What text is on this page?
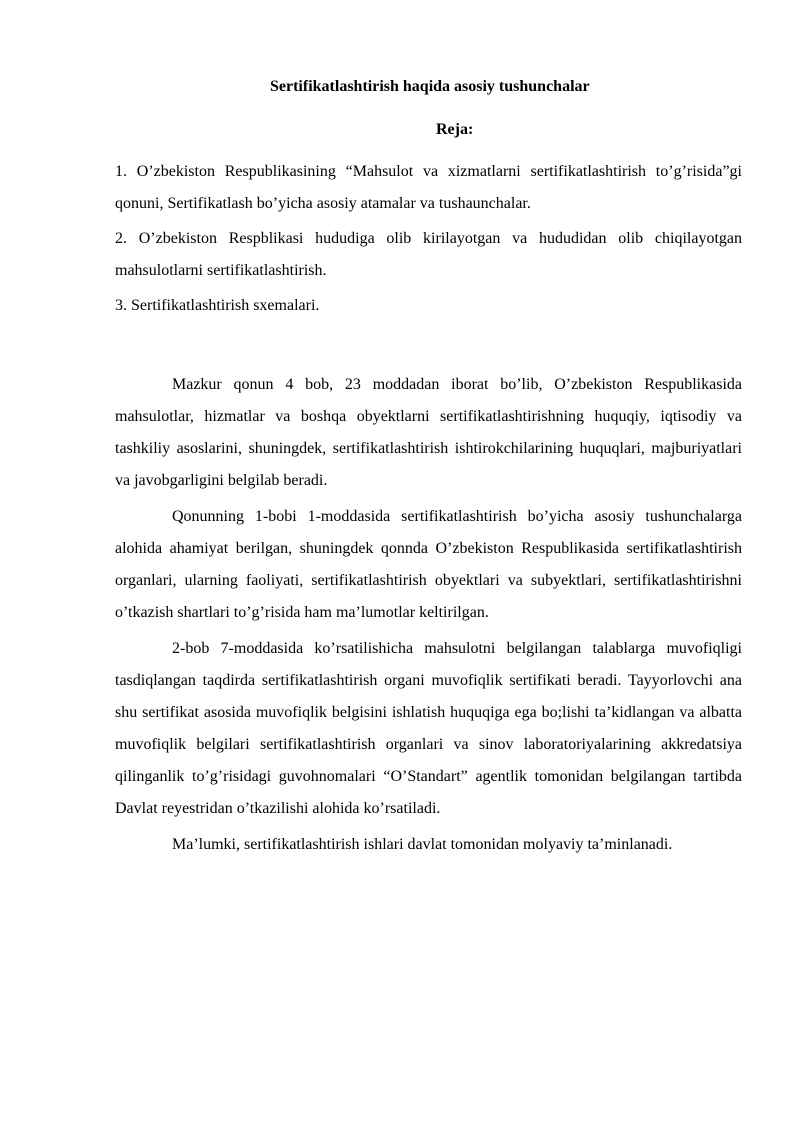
Sertifikatlashtirish haqida asosiy tushunchalar
Reja:

1. O’zbekiston Respublikasining “Mahsulot va xizmatlarni sertifikatlashtirish to’g’risida”gi qonuni, Sertifikatlash bo’yicha asosiy atamalar va tushaunchalar.

2. O’zbekiston Respblikasi hududiga olib kirilayotgan va hududidan olib chiqilayotgan mahsulotlarni sertifikatlashtirish.

3. Sertifikatlashtirish sxemalari.

Mazkur qonun 4 bob, 23 moddadan iborat bo’lib, O’zbekiston Respublikasida mahsulotlar, hizmatlar va boshqa obyektlarni sertifikatlashtirishning huquqiy, iqtisodiy va tashkiliy asoslarini, shuningdek, sertifikatlashtirish ishtirokchilarining huquqlari, majburiyatlari va javobgarligini belgilab beradi.

Qonunning 1-bobi 1-moddasida sertifikatlashtirish bo’yicha asosiy tushunchalarga alohida ahamiyat berilgan, shuningdek qonnda O’zbekiston Respublikasida sertifikatlashtirish organlari, ularning faoliyati, sertifikatlashtirish obyektlari va subyektlari, sertifikatlashtirishni o’tkazish shartlari to’g’risida ham ma’lumotlar keltirilgan.

2-bob 7-moddasida ko’rsatilishicha mahsulotni belgilangan talablarga muvofiqligi tasdiqlangan taqdirda sertifikatlashtirish organi muvofiqlik sertifikati beradi. Tayyorlovchi ana shu sertifikat asosida muvofiqlik belgisini ishlatish huquqiga ega bo;lishi ta’kidlangan va albatta muvofiqlik belgilari sertifikatlashtirish organlari va sinov laboratoriyalarining akkredatsiya qilinganlik to’g’risidagi guvohnomalari “O’Standart” agentlik tomonidan belgilangan tartibda Davlat reyestridan o’tkazilishi alohida ko’rsatiladi.

Ma’lumki, sertifikatlashtirish ishlari davlat tomonidan molyaviy ta’minlanadi.
